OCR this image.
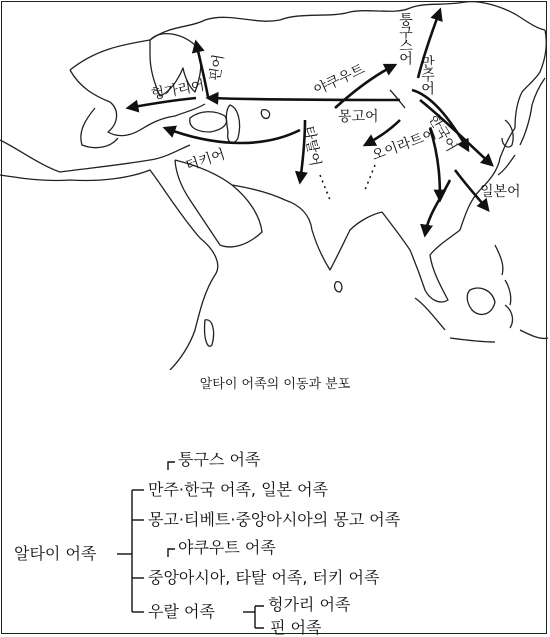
퉁구스어
만주어
한국어
일본어
야쿠우트
몽고어
오이라트어
헝가리어
핀어
터키어	타탈어
알타이 어족의 이동과 분포
알타이 어족
퉁구스 어족
만주·한국 어족, 일본 어족
몽고·티베트·중앙아시아의 몽고 어족
야쿠우트 어족
중앙아시아, 타탈 어족, 터키 어족
우랄 어족	헝가리 어족
핀 어족
